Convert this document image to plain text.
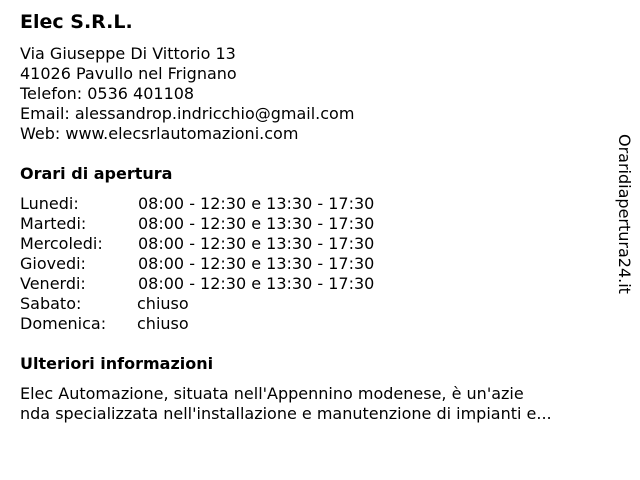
Elec S.R.L.
Via Giuseppe Di Vittorio 13
41026 Pavullo nel Frignano
Telefon: 0536 401108
Email: alessandrop.indricchio@gmail.com
Web: www.elecsrlautomazioni.com
Orari di apertura
Lunedi:	08:00 - 12:30 e 13:30 - 17:30
Martedi:	08:00 - 12:30 e 13:30 - 17:30
Mercoledi: 08:00 - 12:30 e 13:30 - 17:30
Giovedi:	08:00 - 12:30 e 13:30 - 17:30
Venerdi:	08:00 - 12:30 e 13:30 - 17:30
Sabato:	chiuso
Domenica: chiuso
Ulteriori informazioni
Elec Automazione, situata nell'Appennino modenese, è un'azie
nda specializzata nell'installazione e manutenzione di impianti e...
Oraridiapertura24.it
